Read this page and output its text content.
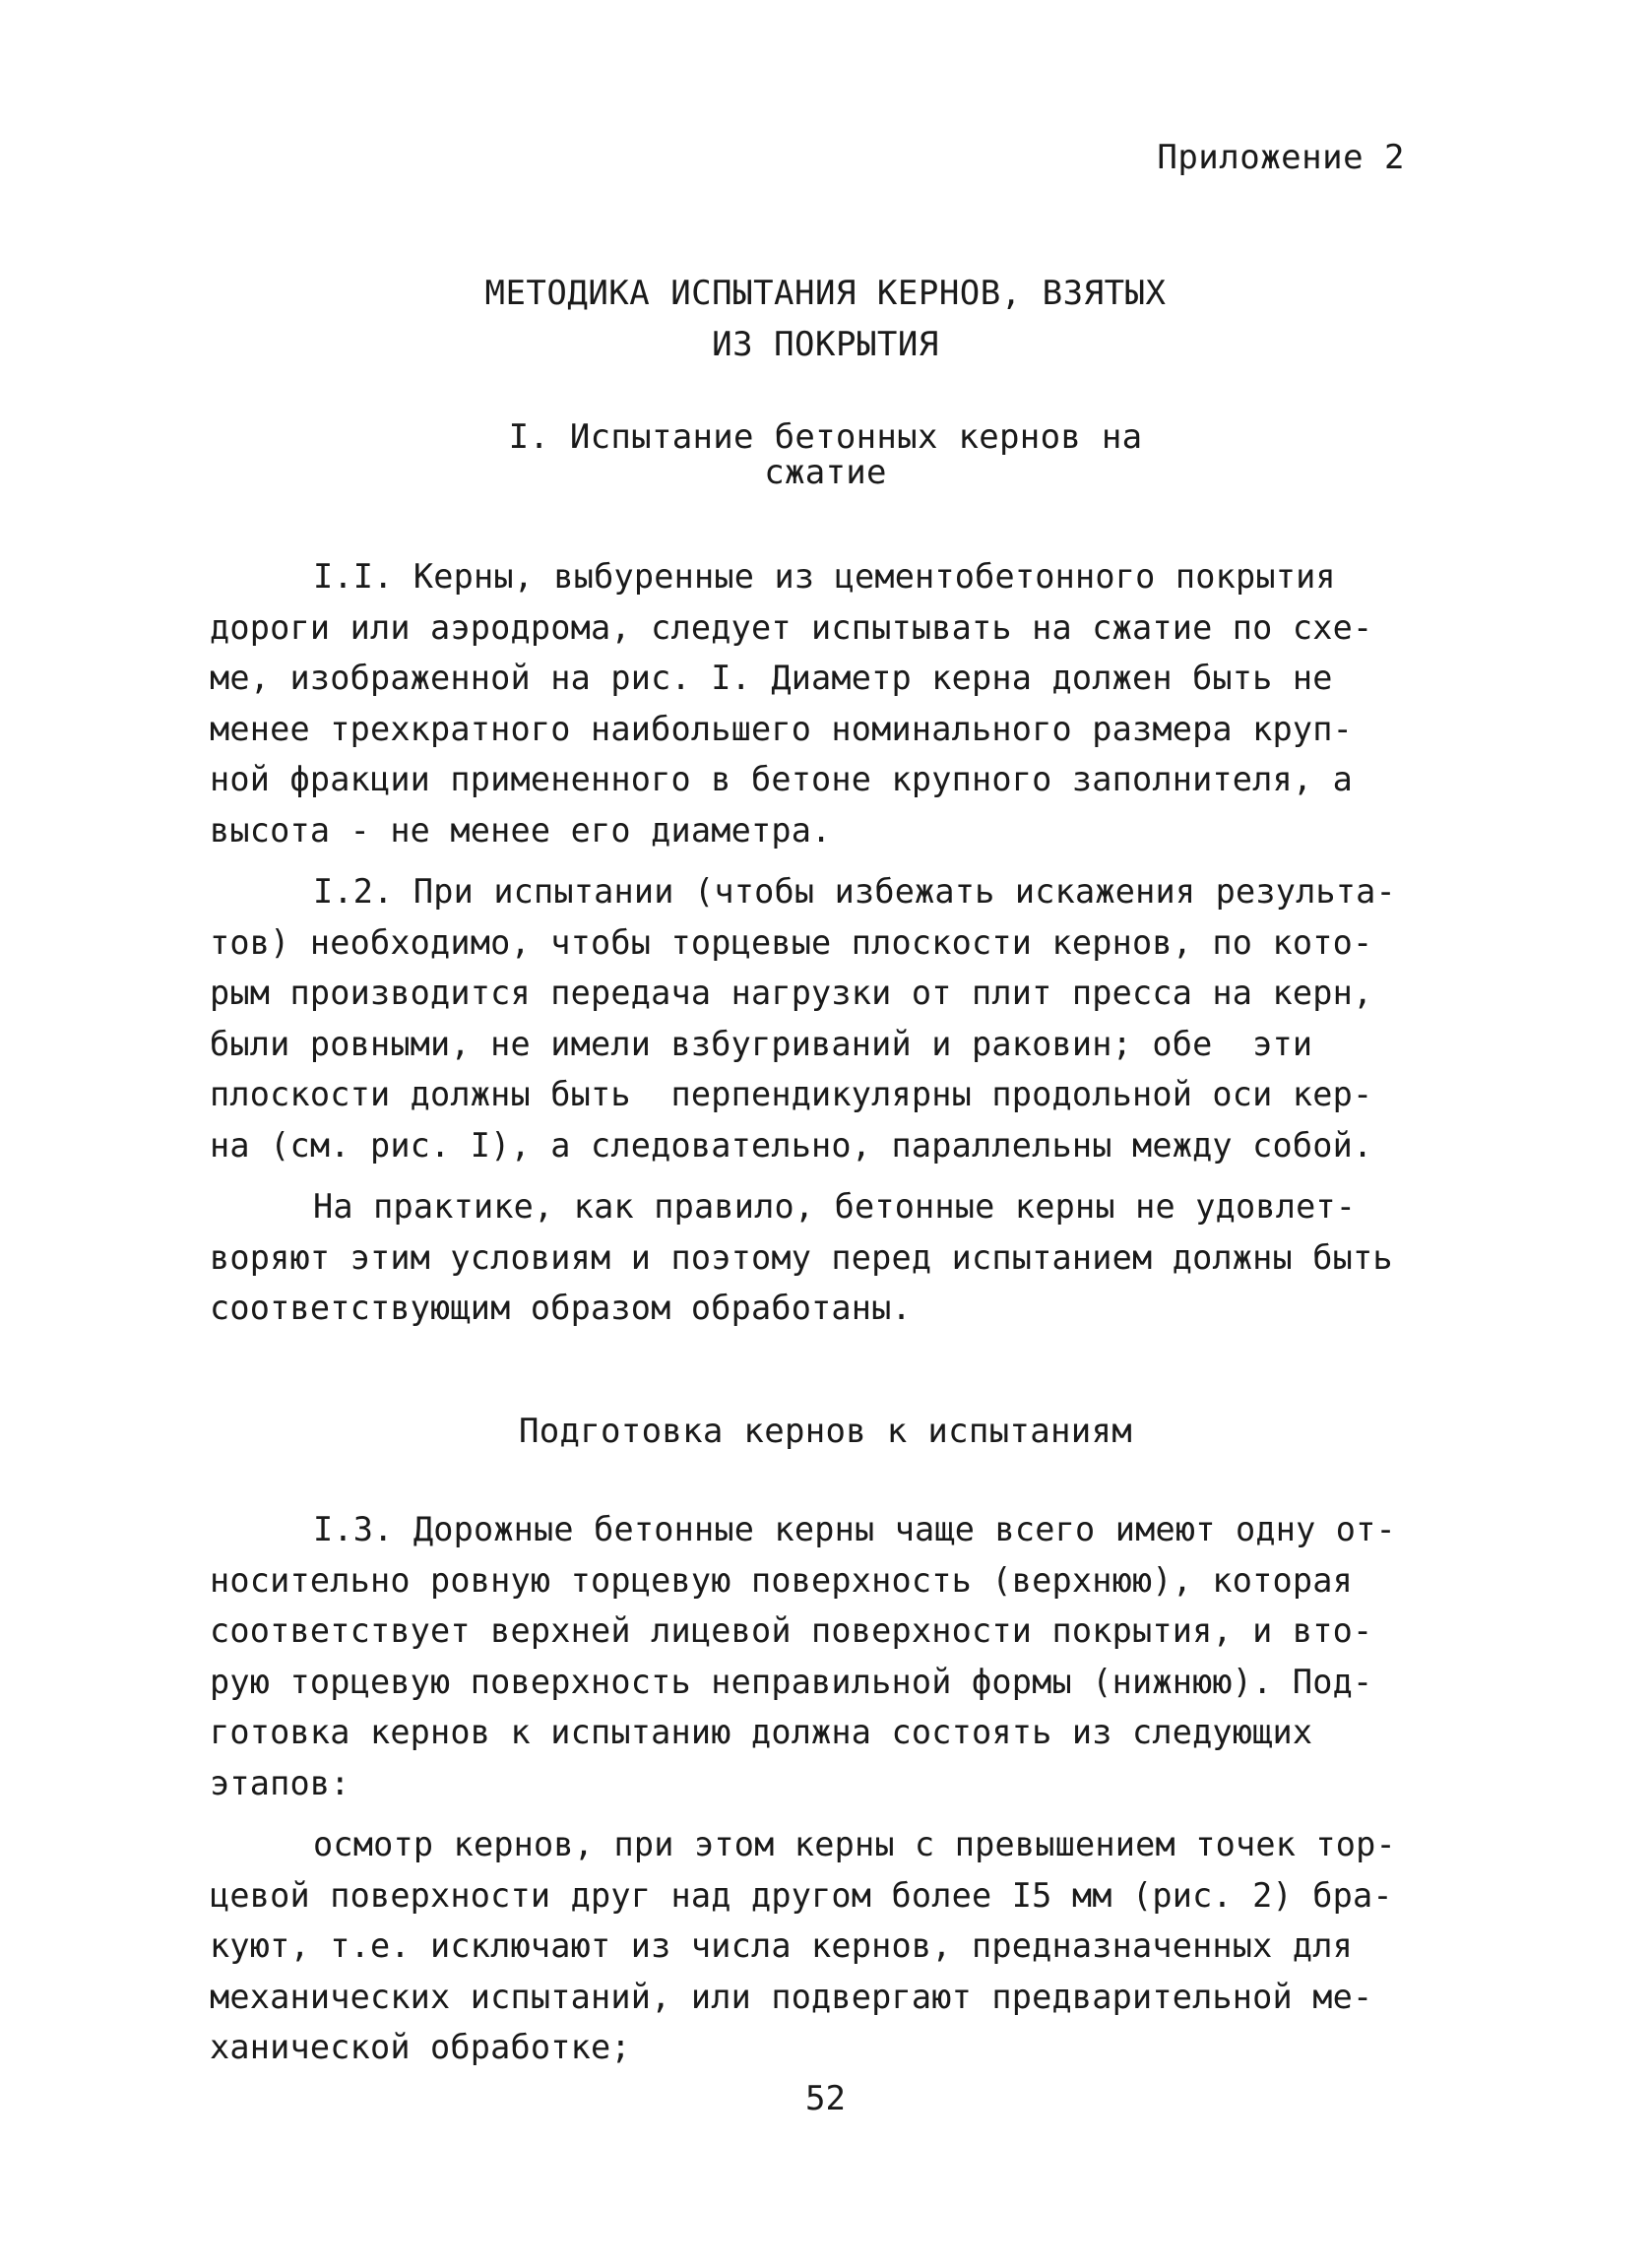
Приложение 2
МЕТОДИКА ИСПЫТАНИЯ КЕРНОВ, ВЗЯТЫХ
ИЗ ПОКРЫТИЯ
I. Испытание бетонных кернов на
сжатие
I.I. Керны, выбуренные из цементобетонного покрытия
дороги или аэродрома, следует испытывать на сжатие по схе-
ме, изображенной на рис. I. Диаметр керна должен быть не
менее трехкратного наибольшего номинального размера круп-
ной фракции примененного в бетоне крупного заполнителя, а
высота - не менее его диаметра.
I.2. При испытании (чтобы избежать искажения результа-
тов) необходимо, чтобы торцевые плоскости кернов, по кото-
рым производится передача нагрузки от плит пресса на керн,
были ровными, не имели взбугриваний и раковин; обе  эти
плоскости должны быть  перпендикулярны продольной оси кер-
на (см. рис. I), а следовательно, параллельны между собой.
На практике, как правило, бетонные керны не удовлет-
воряют этим условиям и поэтому перед испытанием должны быть
соответствующим образом обработаны.
Подготовка кернов к испытаниям
I.3. Дорожные бетонные керны чаще всего имеют одну от-
носительно ровную торцевую поверхность (верхнюю), которая
соответствует верхней лицевой поверхности покрытия, и вто-
рую торцевую поверхность неправильной формы (нижнюю). Под-
готовка кернов к испытанию должна состоять из следующих
этапов:
осмотр кернов, при этом керны с превышением точек тор-
цевой поверхности друг над другом более I5 мм (рис. 2) бра-
куют, т.е. исключают из числа кернов, предназначенных для
механических испытаний, или подвергают предварительной ме-
ханической обработке;
52
